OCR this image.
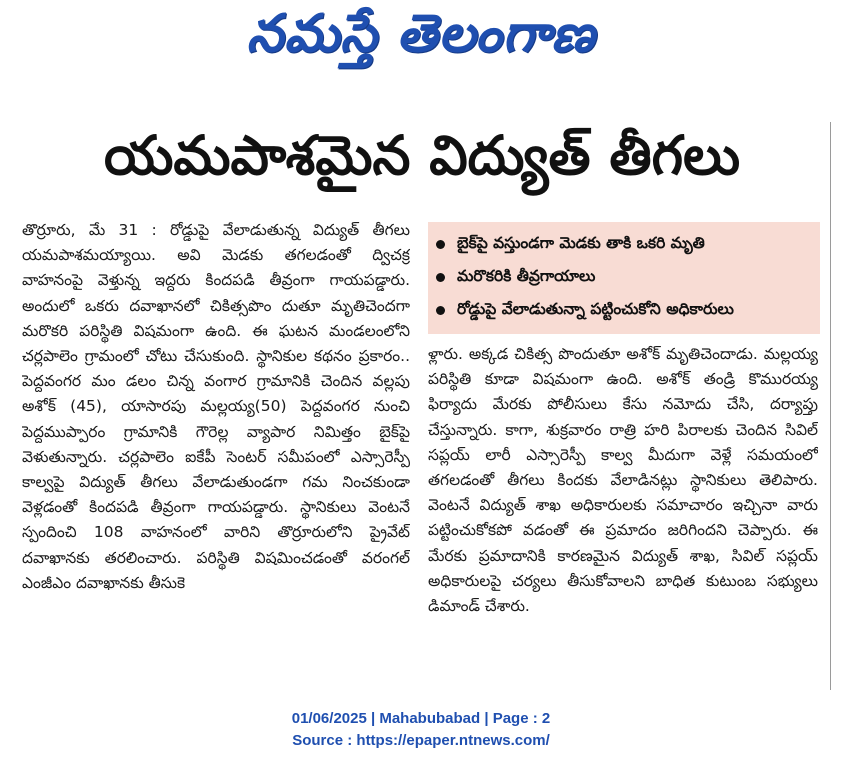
నమస్తే తెలంగాణ
యమపాశమైన విద్యుత్ తీగలు
తొర్రూరు, మే 31 : రోడ్డుపై వేలాడుతున్న విద్యుత్ తీగలు యమపాశమయ్యాయి. అవి మెడకు తగలడంతో ద్విచక్ర వాహనంపై వెళ్తున్న ఇద్దరు కిందపడి తీవ్రంగా గాయపడ్డారు. అందులో ఒకరు దవాఖానలో చికిత్సపొం దుతూ మృతిచెందగా మరొకరి పరిస్థితి విషమంగా ఉంది. ఈ ఘటన మండలంలోని చర్లపాలెం గ్రామంలో చోటు చేసుకుంది. స్థానికుల కథనం ప్రకారం.. పెద్దవంగర మం డలం చిన్న వంగార గ్రామానికి చెందిన వల్లపు అశోక్ (45), యాసారపు మల్లయ్య(50) పెద్దవంగర నుంచి పెద్దముప్పారం గ్రామానికి గౌరెల్ల వ్యాపార నిమిత్తం బైక్‌పై వెళుతున్నారు. చర్లపాలెం ఐకేపీ సెంటర్ సమీపంలో ఎస్సారెస్పీ కాల్వపై విద్యుత్ తీగలు వేలాడుతుండగా గమ నించకుండా వెళ్లడంతో కిందపడి తీవ్రంగా గాయపడ్డారు. స్థానికులు వెంటనే స్పందించి 108 వాహనంలో వారిని తొర్రూరులోని ప్రైవేట్ దవాఖానకు తరలించారు. పరిస్థితి విషమించడంతో వరంగల్ ఎంజీఎం దవాఖానకు తీసుకె
బైక్‌పై వస్తుండగా మెడకు తాకి ఒకరి మృతి
మరొకరికి తీవ్రగాయాలు
రోడ్డుపై వేలాడుతున్నా పట్టించుకోని అధికారులు
ళ్లారు. అక్కడ చికిత్స పొందుతూ అశోక్ మృతిచెందాడు. మల్లయ్య పరిస్థితి కూడా విషమంగా ఉంది. అశోక్ తండ్రి కొమురయ్య ఫిర్యాదు మేరకు పోలీసులు కేసు నమోదు చేసి, దర్యాప్తు చేస్తున్నారు. కాగా, శుక్రవారం రాత్రి హరి పిరాలకు చెందిన సివిల్ సప్లయ్ లారీ ఎస్సారెస్పీ కాల్వ మీదుగా వెళ్లే సమయంలో తగలడంతో తీగలు కిందకు వేలాడినట్లు స్థానికులు తెలిపారు. వెంటనే విద్యుత్ శాఖ అధికారులకు సమాచారం ఇచ్చినా వారు పట్టించుకోకపో వడంతో ఈ ప్రమాదం జరిగిందని చెప్పారు. ఈ మేరకు ప్రమాదానికి కారణమైన విద్యుత్ శాఖ, సివిల్ సప్లయ్ అధికారులపై చర్యలు తీసుకోవాలని బాధిత కుటుంబ సభ్యులు డిమాండ్ చేశారు.
01/06/2025 | Mahabubabad | Page : 2
Source : https://epaper.ntnews.com/
